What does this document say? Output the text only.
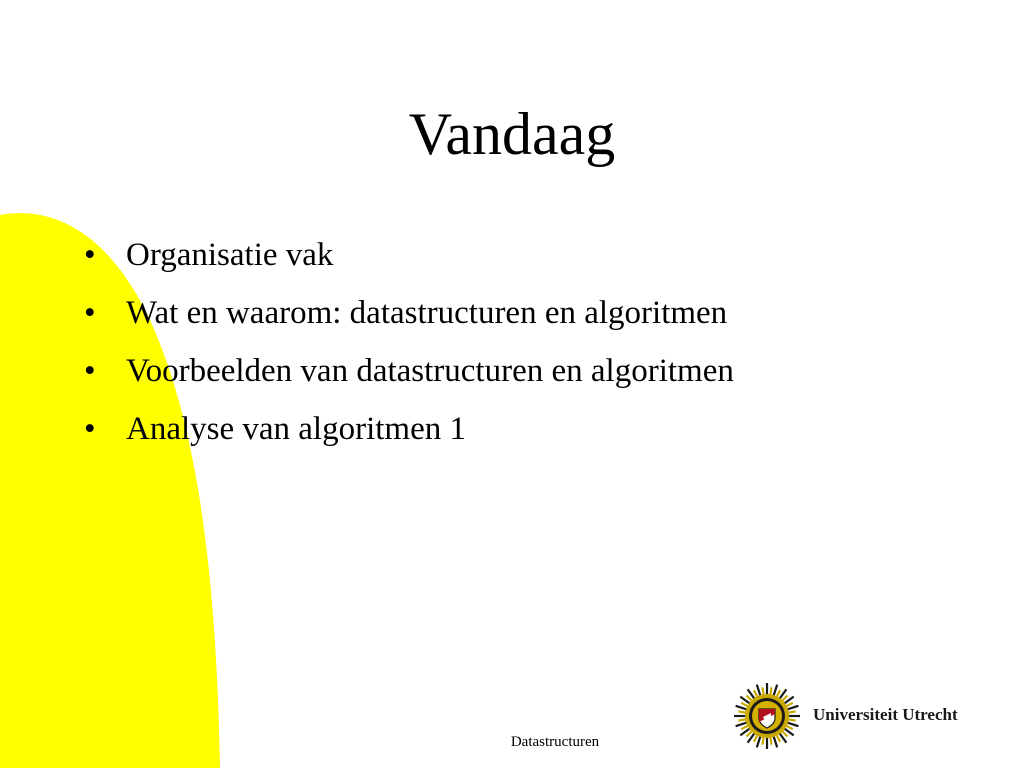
Vandaag
• Organisatie vak
• Wat en waarom: datastructuren en algoritmen
• Voorbeelden van datastructuren en algoritmen
• Analyse van algoritmen 1
Datastructuren
Universiteit Utrecht
